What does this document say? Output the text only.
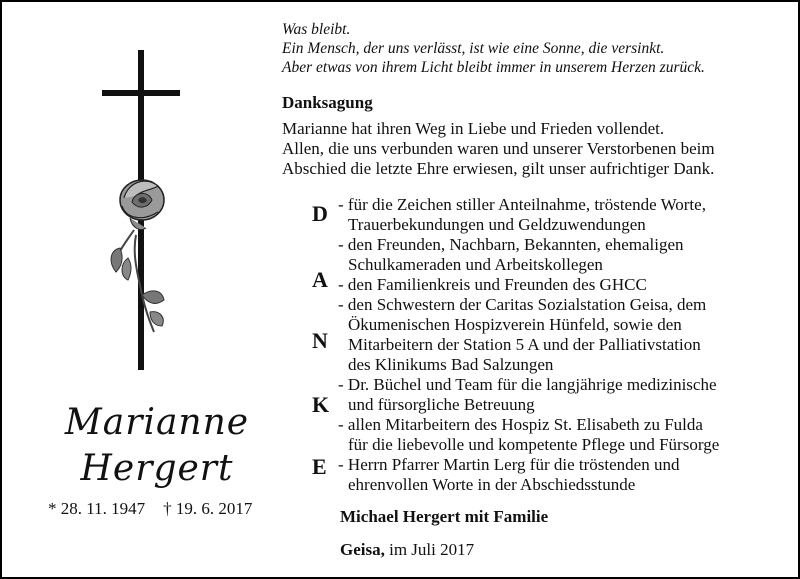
Marianne
Hergert
* 28. 11. 1947 † 19. 6. 2017
Was bleibt.
Ein Mensch, der uns verlässt, ist wie eine Sonne, die versinkt.
Aber etwas von ihrem Licht bleibt immer in unserem Herzen zurück.
Danksagung
Marianne hat ihren Weg in Liebe und Frieden vollendet.
Allen, die uns verbunden waren und unserer Verstorbenen beim
Abschied die letzte Ehre erwiesen, gilt unser aufrichtiger Dank.
D
A
N
K
E
- für die Zeichen stiller Anteilnahme, tröstende Worte,
Trauerbekundungen und Geldzuwendungen
- den Freunden, Nachbarn, Bekannten, ehemaligen
Schulkameraden und Arbeitskollegen
- den Familienkreis und Freunden des GHCC
- den Schwestern der Caritas Sozialstation Geisa, dem
Ökumenischen Hospizverein Hünfeld, sowie den
Mitarbeitern der Station 5 A und der Palliativstation
des Klinikums Bad Salzungen
- Dr. Büchel und Team für die langjährige medizinische
und fürsorgliche Betreuung
- allen Mitarbeitern des Hospiz St. Elisabeth zu Fulda
für die liebevolle und kompetente Pflege und Fürsorge
- Herrn Pfarrer Martin Lerg für die tröstenden und
ehrenvollen Worte in der Abschiedsstunde
Michael Hergert mit Familie
Geisa, im Juli 2017
